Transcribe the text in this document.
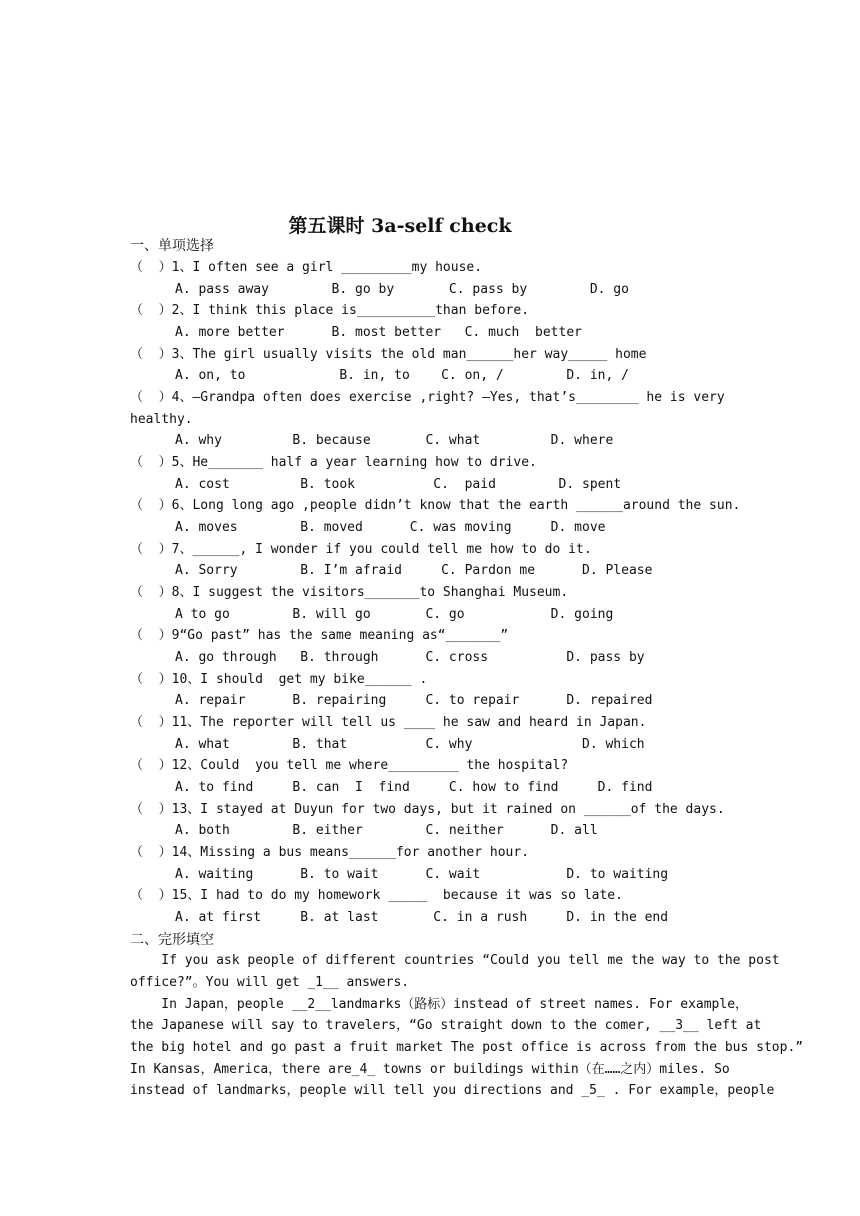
第五课时 3a-self check
一、单项选择
（  ）1、I often see a girl _________my house.
A. pass away        B. go by       C. pass by        D. go
（  ）2、I think this place is__________than before.
A. more better      B. most better   C. much  better
（  ）3、The girl usually visits the old man______her way_____ home
A. on, to            B. in, to    C. on, /        D. in, /
（  ）4、—Grandpa often does exercise ,right? —Yes, that’s________ he is very
healthy.
A. why         B. because       C. what         D. where
（  ）5、He_______ half a year learning how to drive.
A. cost         B. took          C.  paid        D. spent
（  ）6、Long long ago ,people didn’t know that the earth ______around the sun.
A. moves        B. moved      C. was moving     D. move
（  ）7、______, I wonder if you could tell me how to do it.
A. Sorry        B. I’m afraid     C. Pardon me      D. Please
（  ）8、I suggest the visitors_______to Shanghai Museum.
A to go        B. will go       C. go           D. going
（  ）9“Go past” has the same meaning as“_______”
A. go through   B. through      C. cross          D. pass by
（  ）10、I should  get my bike______ .
A. repair      B. repairing     C. to repair      D. repaired
（  ）11、The reporter will tell us ____ he saw and heard in Japan.
A. what        B. that          C. why              D. which
（  ）12、Could  you tell me where_________ the hospital?
A. to find     B. can  I  find     C. how to find     D. find
（  ）13、I stayed at Duyun for two days, but it rained on ______of the days.
A. both        B. either        C. neither      D. all
（  ）14、Missing a bus means______for another hour.
A. waiting      B. to wait      C. wait           D. to waiting
（  ）15、I had to do my homework _____  because it was so late.
A. at first     B. at last       C. in a rush     D. in the end
二、完形填空
If you ask people of different countries “Could you tell me the way to the post
office?”。You will get _1__ answers.
In Japan，people __2__landmarks（路标）instead of street names. For example，
the Japanese will say to travelers，“Go straight down to the comer, __3__ left at
the big hotel and go past a fruit market The post office is across from the bus stop.”
In Kansas，America，there are_4_ towns or buildings within（在……之内）miles. So
instead of landmarks，people will tell you directions and _5_ . For example，people
